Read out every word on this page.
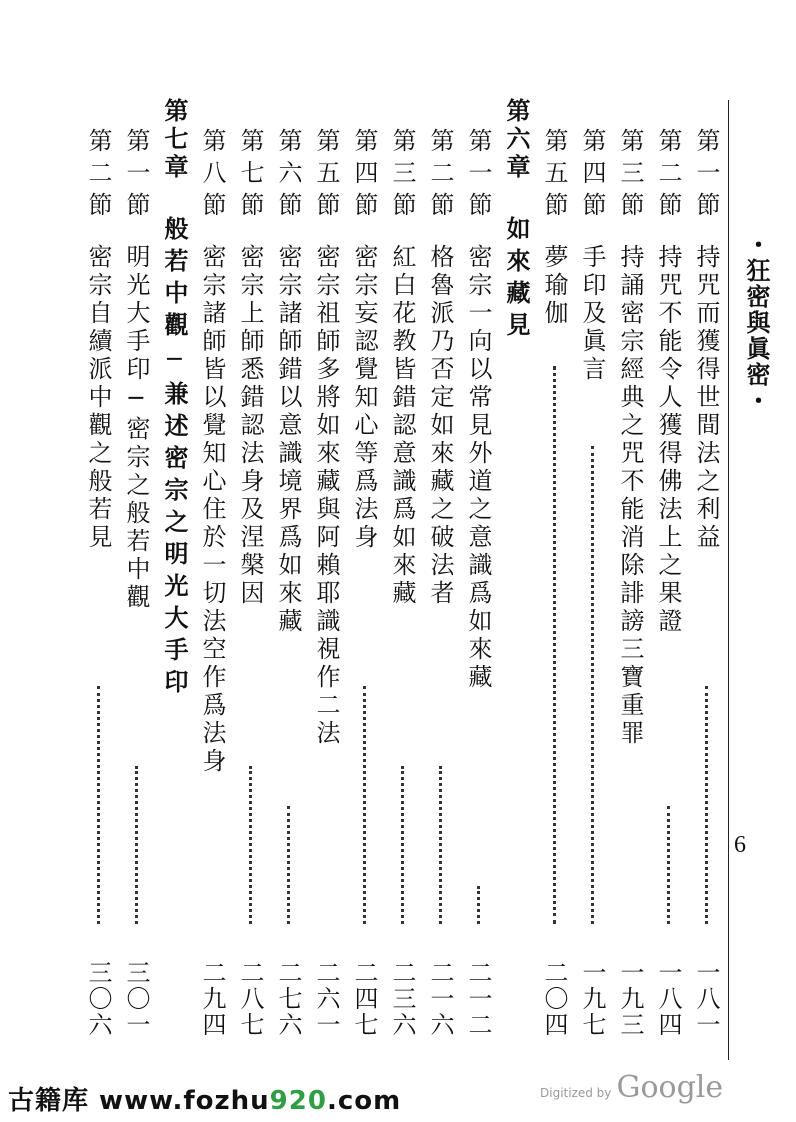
・狂密與眞密・
6
第一節
持咒而獲得世間法之利益
一八一
第二節
持咒不能令人獲得佛法上之果證
一八四
第三節
持誦密宗經典之咒不能消除誹謗三寶重罪
一九三
第四節
手印及眞言
一九七
第五節
夢瑜伽
二〇四
第六章
如來藏見
第一節
密宗一向以常見外道之意識爲如來藏
二一二
第二節
格魯派乃否定如來藏之破法者
二一六
第三節
紅白花教皆錯認意識爲如來藏
二三六
第四節
密宗妄認覺知心等爲法身
二四七
第五節
密宗祖師多將如來藏與阿賴耶識視作二法
二六一
第六節
密宗諸師錯以意識境界爲如來藏
二七六
第七節
密宗上師悉錯認法身及涅槃因
二八七
第八節
密宗諸師皆以覺知心住於一切法空作爲法身
二九四
第七章
般若中觀─兼述密宗之明光大手印
第一節
明光大手印─密宗之般若中觀
三〇一
第二節
密宗自續派中觀之般若見
三〇六
古籍库 www.fozhu920.com	Digitized by Google
